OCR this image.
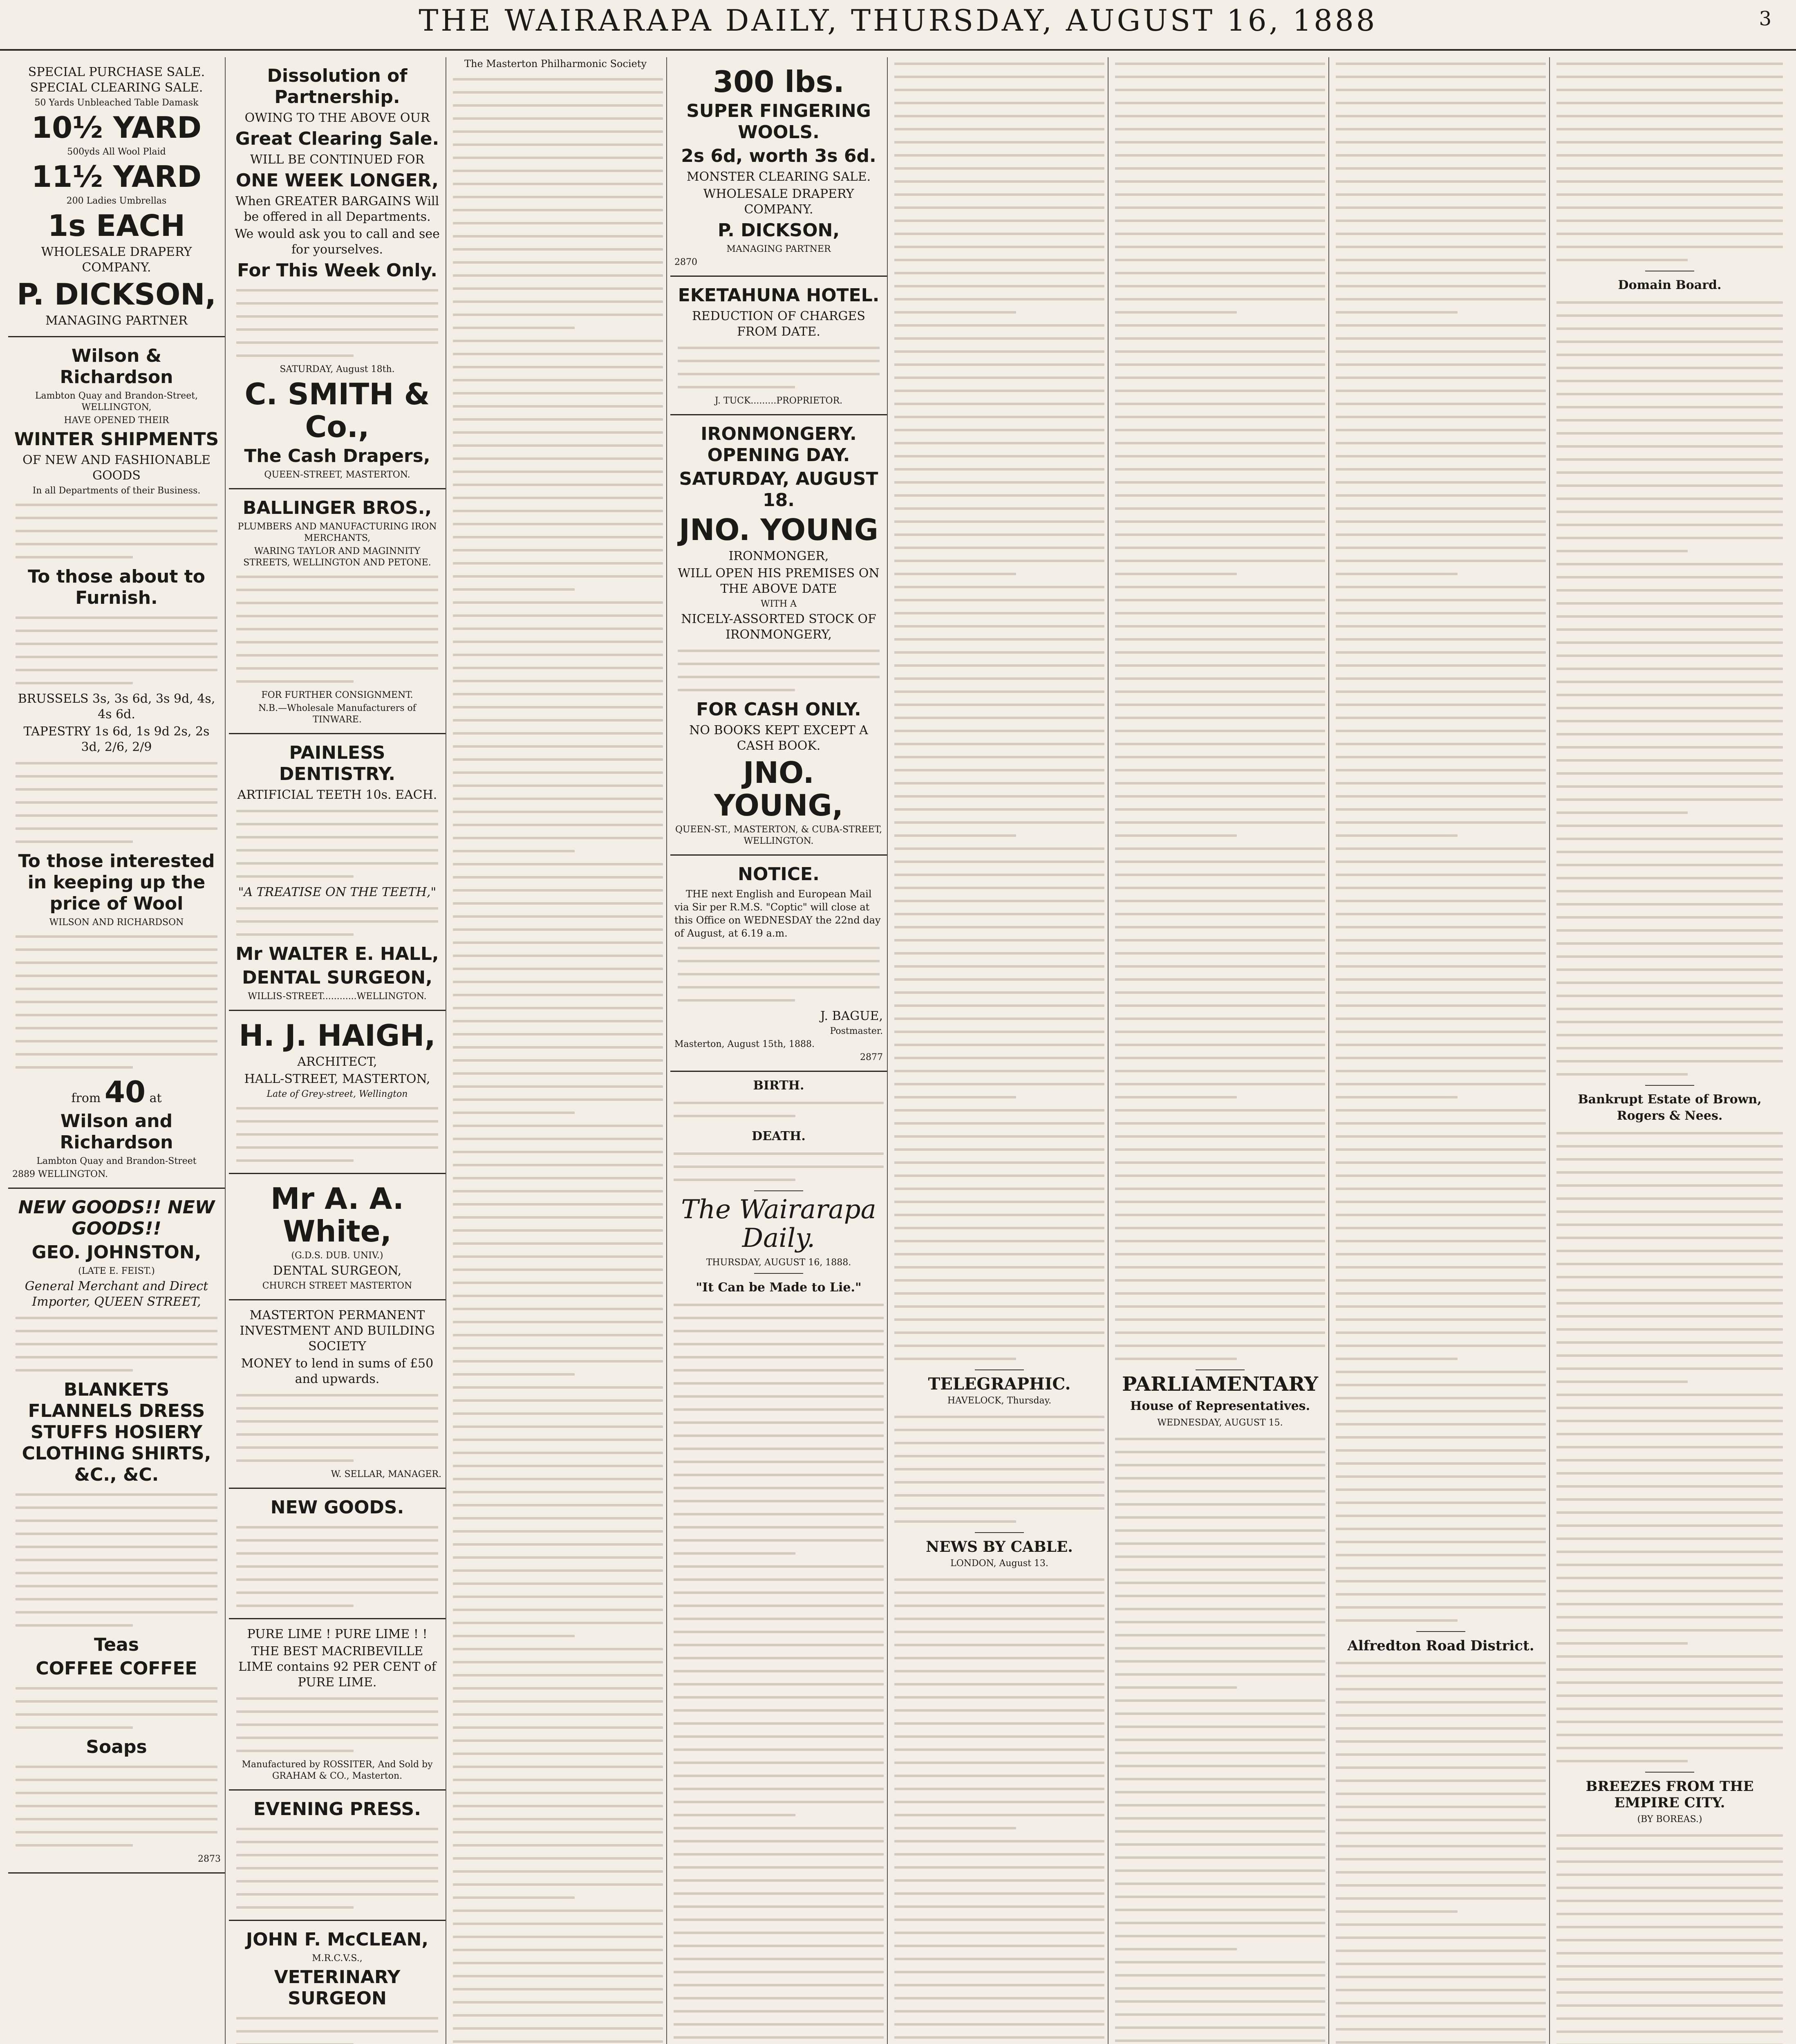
THE WAIRARAPA DAILY, THURSDAY, AUGUST 16, 1888	3

SPECIAL PURCHASE SALE. SPECIAL CLEARING SALE.

50 Yards Unbleached Table Damask

10½ YARD

500yds All Wool Plaid

11½ YARD

200 Ladies Umbrellas

1s EACH

WHOLESALE DRAPERY COMPANY.

P. DICKSON,

MANAGING PARTNER

Wilson & Richardson

Lambton Quay and Brandon-Street, WELLINGTON,

HAVE OPENED THEIR

WINTER SHIPMENTS

OF NEW AND FASHIONABLE GOODS

In all Departments of their Business.

To those about to Furnish.

BRUSSELS 3s, 3s 6d, 3s 9d, 4s, 4s 6d.

TAPESTRY 1s 6d, 1s 9d 2s, 2s 3d, 2/6, 2/9

To those interested in keeping up the price of Wool

WILSON AND RICHARDSON

from 40 at

Wilson and Richardson

Lambton Quay and Brandon-Street

2889 WELLINGTON.

NEW GOODS!! NEW GOODS!!

GEO. JOHNSTON,

(LATE E. FEIST.)

General Merchant and Direct Importer, QUEEN STREET,

BLANKETS FLANNELS DRESS STUFFS HOSIERY CLOTHING SHIRTS, &C., &C.

Teas

COFFEE COFFEE

Soaps

2873

Dissolution of Partnership.

OWING TO THE ABOVE OUR

Great Clearing Sale.

WILL BE CONTINUED FOR

ONE WEEK LONGER,

When GREATER BARGAINS Will be offered in all Departments.

We would ask you to call and see for yourselves.

For This Week Only.

SATURDAY, August 18th.

C. SMITH & Co.,

The Cash Drapers,

QUEEN-STREET, MASTERTON.

BALLINGER BROS.,

PLUMBERS AND MANUFACTURING IRON MERCHANTS,

WARING TAYLOR AND MAGINNITY STREETS, WELLINGTON AND PETONE.

FOR FURTHER CONSIGNMENT.

N.B.—Wholesale Manufacturers of TINWARE.

PAINLESS DENTISTRY.

ARTIFICIAL TEETH 10s. EACH.

"A TREATISE ON THE TEETH,"

Mr WALTER E. HALL,

DENTAL SURGEON,

WILLIS-STREET............WELLINGTON.

H. J. HAIGH,

ARCHITECT,

HALL-STREET, MASTERTON,

Late of Grey-street, Wellington

Mr A. A. White,

(G.D.S. DUB. UNIV.)

DENTAL SURGEON,

CHURCH STREET MASTERTON

MASTERTON PERMANENT INVESTMENT AND BUILDING SOCIETY

MONEY to lend in sums of £50 and upwards.

W. SELLAR, MANAGER.

NEW GOODS.

PURE LIME ! PURE LIME ! !

THE BEST MACRIBEVILLE LIME contains 92 PER CENT of PURE LIME.

Manufactured by ROSSITER, And Sold by GRAHAM & CO., Masterton.

EVENING PRESS.

JOHN F. McCLEAN,

M.R.C.V.S.,

VETERINARY SURGEON

The Masterton Philharmonic Society

300 lbs.

SUPER FINGERING WOOLS.

2s 6d, worth 3s 6d.

MONSTER CLEARING SALE.

WHOLESALE DRAPERY COMPANY.

P. DICKSON,

MANAGING PARTNER

2870

EKETAHUNA HOTEL.

REDUCTION OF CHARGES FROM DATE.

J. TUCK.........PROPRIETOR.

IRONMONGERY. OPENING DAY.

SATURDAY, AUGUST 18.

JNO. YOUNG

IRONMONGER,

WILL OPEN HIS PREMISES ON THE ABOVE DATE

WITH A

NICELY-ASSORTED STOCK OF IRONMONGERY,

FOR CASH ONLY.

NO BOOKS KEPT EXCEPT A CASH BOOK.

JNO. YOUNG,

QUEEN-ST., MASTERTON, & CUBA-STREET, WELLINGTON.

NOTICE.

THE next English and European Mail via Sir per R.M.S. "Coptic" will close at this Office on WEDNESDAY the 22nd day of August, at 6.19 a.m.

J. BAGUE,

Postmaster.

Masterton, August 15th, 1888.

2877

BIRTH.

DEATH.

The Wairarapa Daily.

THURSDAY, AUGUST 16, 1888.

"It Can be Made to Lie."

TELEGRAPHIC.

HAVELOCK, Thursday.

NEWS BY CABLE.

LONDON, August 13.

PARLIAMENTARY

House of Representatives.

WEDNESDAY, AUGUST 15.

Alfredton Road District.

Domain Board.

Bankrupt Estate of Brown, Rogers & Nees.

BREEZES FROM THE EMPIRE CITY.

(BY BOREAS.)
